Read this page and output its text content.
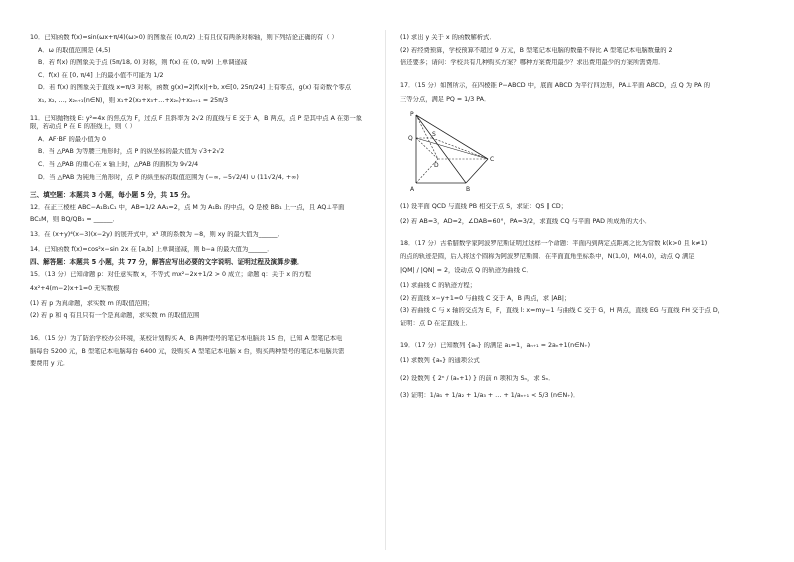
10．已知函数 f(x)=sin(ωx+π/4)(ω>0) 的图象在 (0,π/2) 上有且仅有两条对称轴，则下列结论正确的有（ ）

A．ω 的取值范围是 (4,5)

B．若 f(x) 的图象关于点 (5π/18, 0) 对称，则 f(x) 在 (0, π/9) 上单调递减

C．f(x) 在 [0, π/4] 上的最小值不可能为 1/2

D．若 f(x) 的图象关于直线 x=π/3 对称，函数 g(x)=2|f(x)|+b, x∈[0, 25π/24] 上有零点，g(x) 有奇数个零点

x₁, x₂, …, x₂ₙ₊₁(n∈N)，则 x₁+2(x₂+x₃+…+x₂ₙ)+x₂ₙ₊₁ = 25π/3

11．已知抛物线 E: y²=4x 的焦点为 F，过点 F 且斜率为 2√2 的直线与 E 交于 A，B 两点，点 P 是其中点 A 在第一象

限，若动点 P 在 E 的准线上，则（ ）

A．AF·BF 的最小值为 0

B．当 △PAB 为等腰三角形时，点 P 的纵坐标的最大值为 √3+2√2

C．当 △PAB 的重心在 x 轴上时，△PAB 的面积为 9√2/4

D．当 △PAB 为钝角三角形时，点 P 的纵坐标的取值范围为 (−∞, −5√2/4) ∪ (11√2/4, +∞)

三、填空题：本题共 3 小题，每小题 5 分，共 15 分。

12．在正三棱柱 ABC−A₁B₁C₁ 中，AB=1/2 AA₁=2，点 M 为 A₁B₁ 的中点，Q 是棱 BB₁ 上一点，且 AQ⊥平面

BC₁M，则 BQ/QB₁ = ______．

13．在 (x+y)⁴(x−3)(x−2y) 的展开式中，x³ 项的系数为 −8，则 xy 的最大值为______．

14．已知函数 f(x)=cos²x−sin 2x 在 [a,b] 上单调递减，则 b−a 的最大值为______．

四、解答题：本题共 5 小题，共 77 分，解答应写出必要的文字说明、证明过程及演算步骤．

15．（13 分）已知命题 p：对任意实数 x，不等式 mx²−2x+1/2 > 0 成立；命题 q：关于 x 的方程

4x²+4(m−2)x+1=0 无实数根

(1) 若 p 为真命题，求实数 m 的取值范围；

(2) 若 p 和 q 有且只有一个是真命题，求实数 m 的取值范围

16．（15 分）为了防治学校办公环境，某校计划购买 A、B 两种型号的笔记本电脑共 15 台，已知 A 型笔记本电

脑每台 5200 元，B 型笔记本电脑每台 6400 元，设购买 A 型笔记本电脑 x 台，购买两种型号的笔记本电脑共需

要费用 y 元．

(1) 求出 y 关于 x 的函数解析式．

(2) 若经费预算，学校预算不超过 9 万元，B 型笔记本电脑的数量不得比 A 型笔记本电脑数量的 2

倍还要多；请问：学校共有几种购买方案？哪种方案费用最少？求出费用最少的方案所需费用．

17．（15 分）如图所示，在四棱锥 P−ABCD 中，底面 ABCD 为平行四边形，PA⊥平面 ABCD，点 Q 为 PA 的

三等分点，满足 PQ = 1/3 PA．

P
Q
S
A	B
C
D

(1) 设平面 QCD 与直线 PB 相交于点 S，求证：QS ∥ CD；

(2) 若 AB=3，AD=2，∠DAB=60°，PA=3/2，求直线 CQ 与平面 PAD 所成角的大小．

18．（17 分）古希腊数学家阿波罗尼斯证明过这样一个命题：平面内到两定点距离之比为常数 k(k>0 且 k≠1)

的点的轨迹是圆，后人将这个圆称为阿波罗尼斯圆．在平面直角坐标系中，N(1,0)，M(4,0)，动点 Q 满足

|QM| / |QN| = 2，设动点 Q 的轨迹为曲线 C．

(1) 求曲线 C 的轨迹方程；

(2) 若直线 x−y+1=0 与曲线 C 交于 A，B 两点，求 |AB|；

(3) 若曲线 C 与 x 轴的交点为 E，F，直线 l: x=my−1 与曲线 C 交于 G，H 两点，直线 EG 与直线 FH 交于点 D，

证明：点 D 在定直线上．

19．（17 分）已知数列 {aₙ} 的满足 a₁=1，aₙ₊₁ = 2aₙ+1(n∈N₊)

(1) 求数列 {aₙ} 的通项公式

(2) 设数列 { 2ⁿ / (aₙ+1) } 的前 n 项和为 Sₙ，求 Sₙ．

(3) 证明：1/a₁ + 1/a₂ + 1/a₃ + … + 1/aₙ₊₁ < 5/3 (n∈N₊)．
